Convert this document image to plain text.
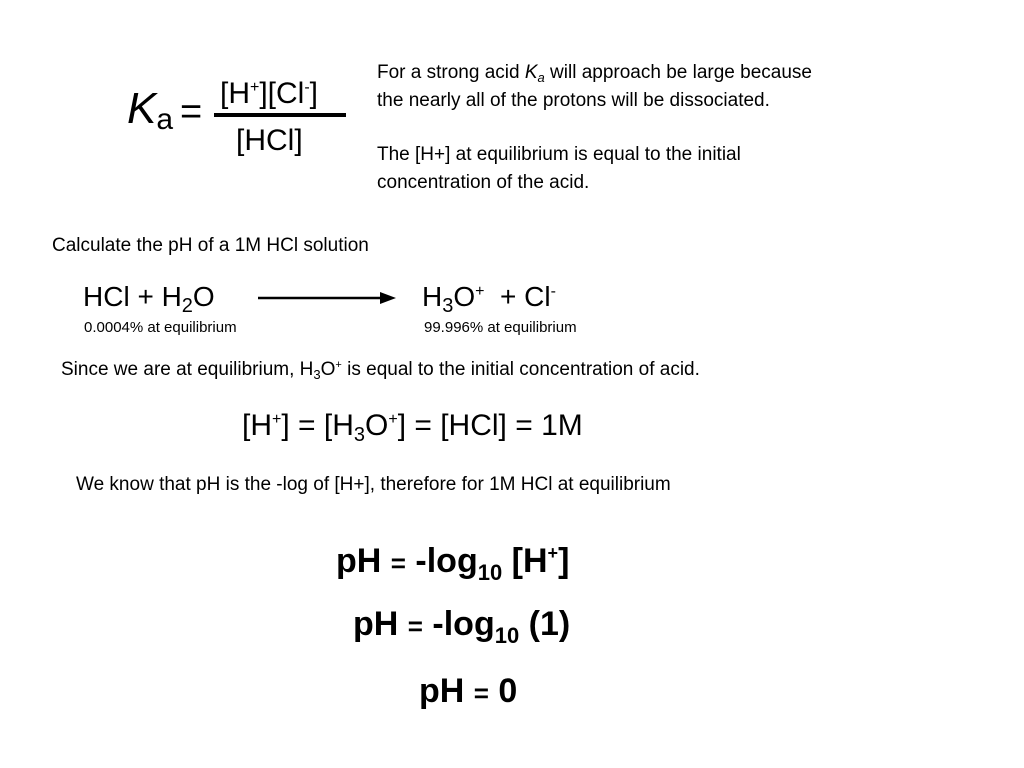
Ka = [H+][Cl-]
[HCl]
For a strong acid $K_a$ will approach be large because
the nearly all of the protons will be dissociated.
The [H+] at equilibrium is equal to the initial
concentration of the acid.
Calculate the pH of a 1M HCl solution
HCl + $H_2O$	$H_3O^+ + Cl^-$
0.0004% at equilibrium	99.996% at equilibrium
Since we are at equilibrium, $H_3O^+$ is equal to the initial concentration of acid.
$[H^+] = [H_3O^+] = [HCl] = 1M$
We know that pH is the -log of [H+], therefore for 1M HCl at equilibrium
pH = $-\log_{10}$ [H+]
pH = $-\log_{10}$ (1)
pH = 0
